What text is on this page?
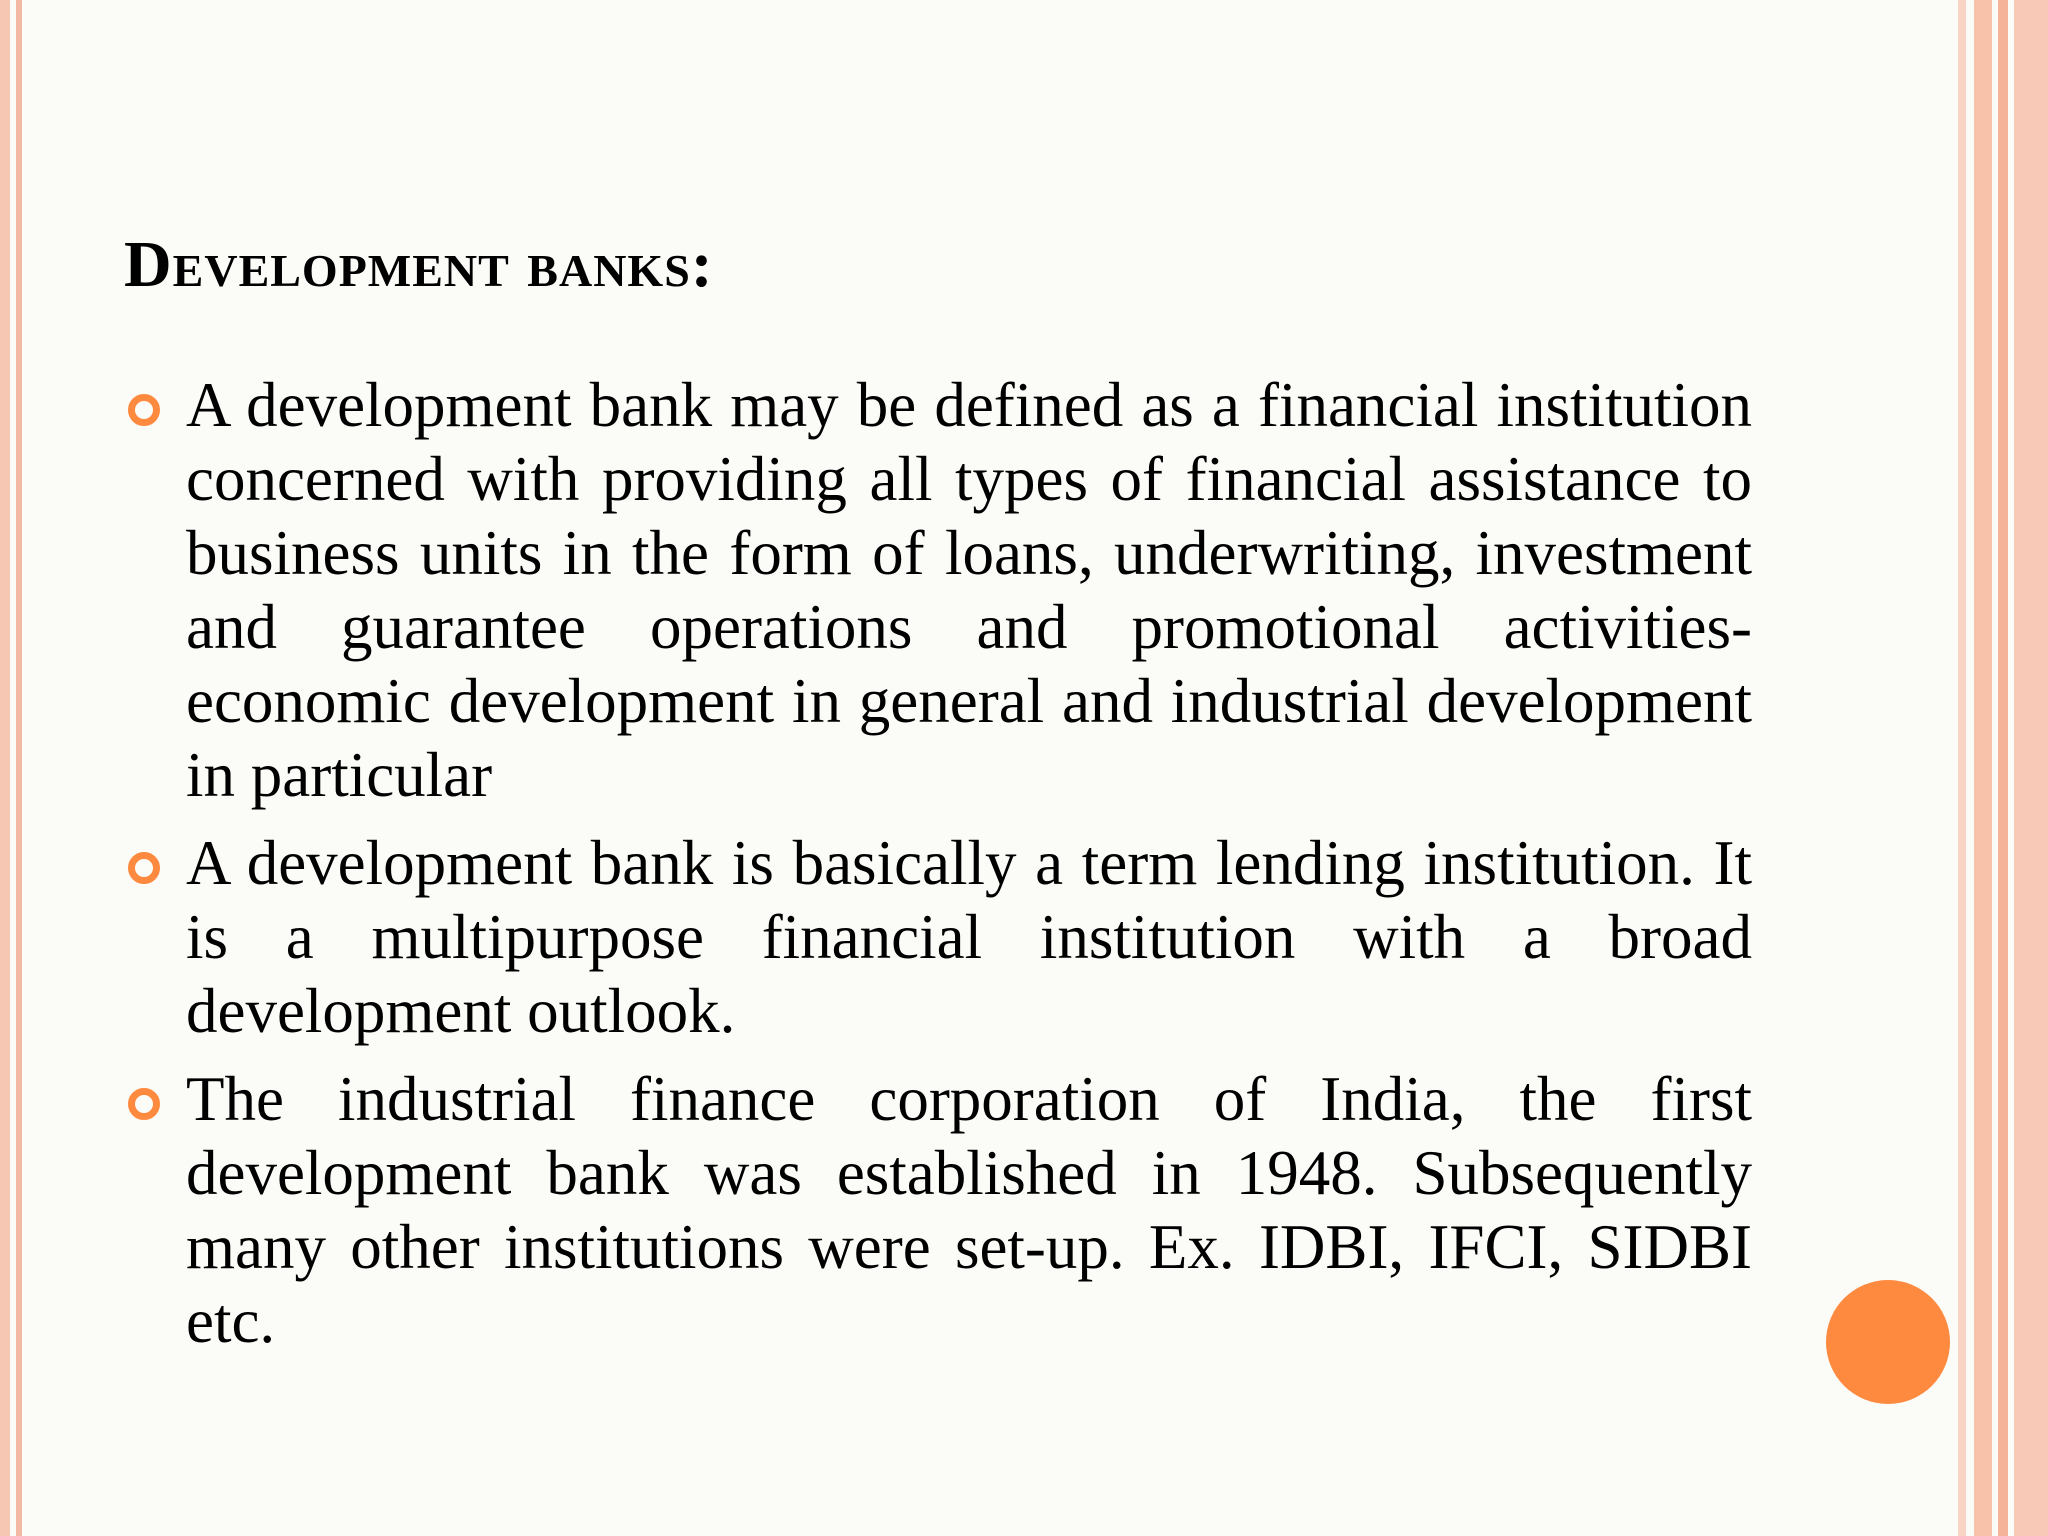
Development banks:

A development bank may be defined as a financial institution concerned with providing all types of financial assistance to business units in the form of loans, underwriting, investment and guarantee operations and promotional activities-economic development in general and industrial development in particular

A development bank is basically a term lending institution. It is a multipurpose financial institution with a broad development outlook.

The industrial finance corporation of India, the first development bank was established in 1948. Subsequently many other institutions were set-up. Ex. IDBI, IFCI, SIDBI etc.
